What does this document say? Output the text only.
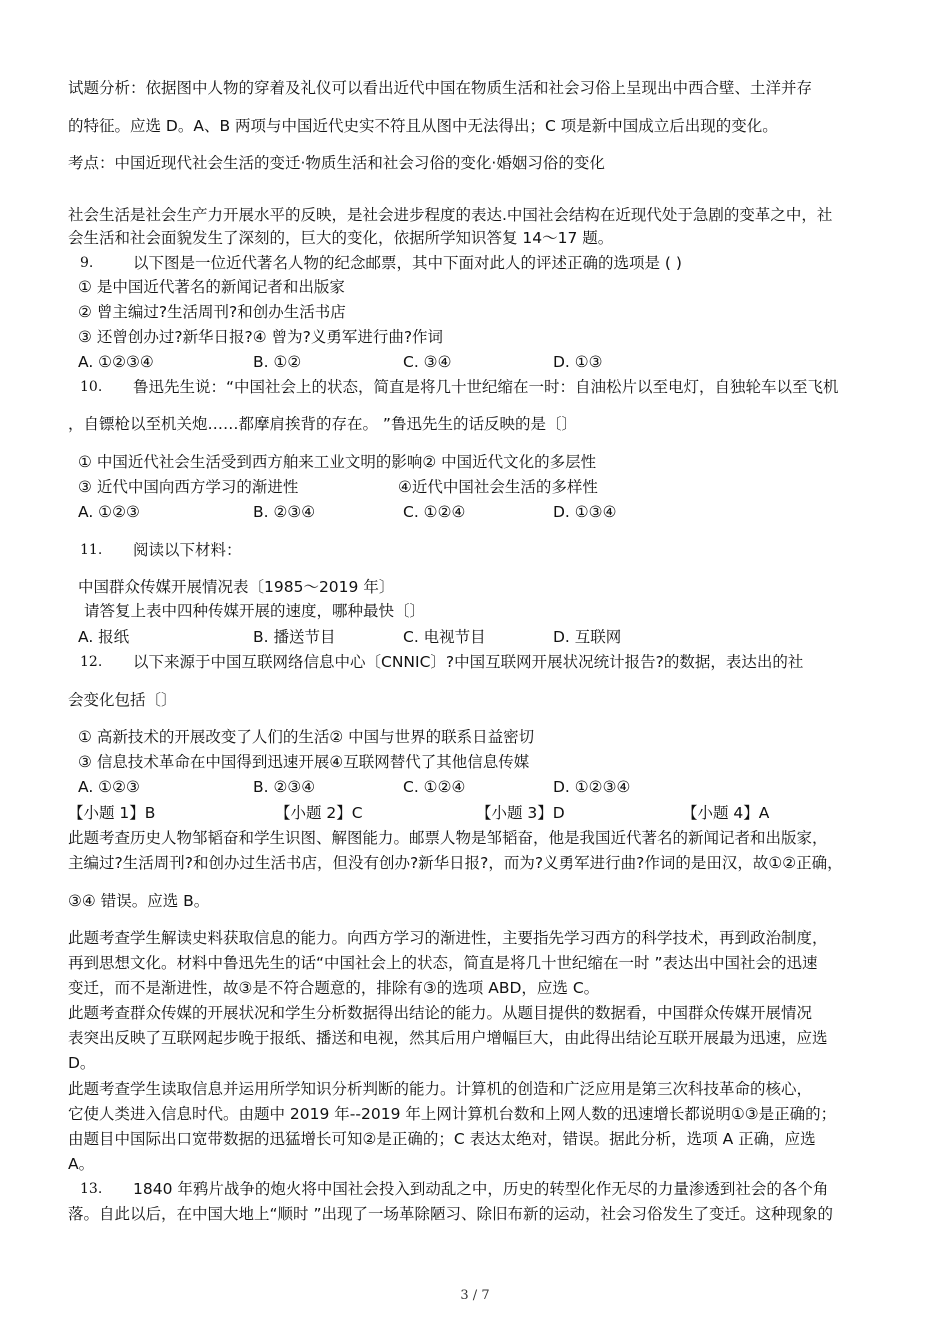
试题分析：依据图中人物的穿着及礼仪可以看出近代中国在物质生活和社会习俗上呈现出中西合壁、土洋并存
的特征。应选 D。A、B 两项与中国近代史实不符且从图中无法得出；C 项是新中国成立后出现的变化。
考点：中国近现代社会生活的变迁·物质生活和社会习俗的变化·婚姻习俗的变化
社会生活是社会生产力开展水平的反映，是社会进步程度的表达.中国社会结构在近现代处于急剧的变革之中，社
会生活和社会面貌发生了深刻的，巨大的变化，依据所学知识答复 14～17 题。
9.	以下图是一位近代著名人物的纪念邮票，其中下面对此人的评述正确的选项是 ( )
① 是中国近代著名的新闻记者和出版家
② 曾主编过?生活周刊?和创办生活书店
③ 还曾创办过?新华日报?④ 曾为?义勇军进行曲?作词
A. ①②③④	B. ①②	C. ③④	D. ①③
10. 鲁迅先生说：“中国社会上的状态，简直是将几十世纪缩在一时：自油松片以至电灯，自独轮车以至飞机
，自镖枪以至机关炮……都摩肩挨背的存在。 ”鲁迅先生的话反映的是〔〕
① 中国近代社会生活受到西方舶来工业文明的影响② 中国近代文化的多层性
③ 近代中国向西方学习的渐进性	④近代中国社会生活的多样性
A. ①②③	B. ②③④	C. ①②④	D. ①③④
11. 阅读以下材料：
中国群众传媒开展情况表〔1985～2019 年〕
请答复上表中四种传媒开展的速度，哪种最快〔〕
A. 报纸	B. 播送节目	C. 电视节目	D. 互联网
12. 以下来源于中国互联网络信息中心〔CNNIC〕?中国互联网开展状况统计报告?的数据，表达出的社
会变化包括〔〕
① 高新技术的开展改变了人们的生活② 中国与世界的联系日益密切
③ 信息技术革命在中国得到迅速开展④互联网替代了其他信息传媒
A. ①②③	B. ②③④	C. ①②④	D. ①②③④
【小题 1】B	【小题 2】C	【小题 3】D	【小题 4】A
此题考查历史人物邹韬奋和学生识图、解图能力。邮票人物是邹韬奋，他是我国近代著名的新闻记者和出版家，
主编过?生活周刊?和创办过生活书店，但没有创办?新华日报?，而为?义勇军进行曲?作词的是田汉，故①②正确，
③④ 错误。应选 B。
此题考查学生解读史料获取信息的能力。向西方学习的渐进性，主要指先学习西方的科学技术，再到政治制度，
再到思想文化。材料中鲁迅先生的话“中国社会上的状态，简直是将几十世纪缩在一时 ”表达出中国社会的迅速
变迁，而不是渐进性，故③是不符合题意的，排除有③的选项 ABD，应选 C。
此题考查群众传媒的开展状况和学生分析数据得出结论的能力。从题目提供的数据看，中国群众传媒开展情况
表突出反映了互联网起步晚于报纸、播送和电视，然其后用户增幅巨大，由此得出结论互联开展最为迅速，应选
D。
此题考查学生读取信息并运用所学知识分析判断的能力。计算机的创造和广泛应用是第三次科技革命的核心，
它使人类进入信息时代。由题中 2019 年--2019 年上网计算机台数和上网人数的迅速增长都说明①③是正确的；
由题目中国际出口宽带数据的迅猛增长可知②是正确的；C 表达太绝对，错误。据此分析，选项 A 正确，应选
A。
13. 1840 年鸦片战争的炮火将中国社会投入到动乱之中，历史的转型化作无尽的力量渗透到社会的各个角
落。自此以后，在中国大地上“顺时 ”出现了一场革除陋习、除旧布新的运动，社会习俗发生了变迁。这种现象的
3 / 7
